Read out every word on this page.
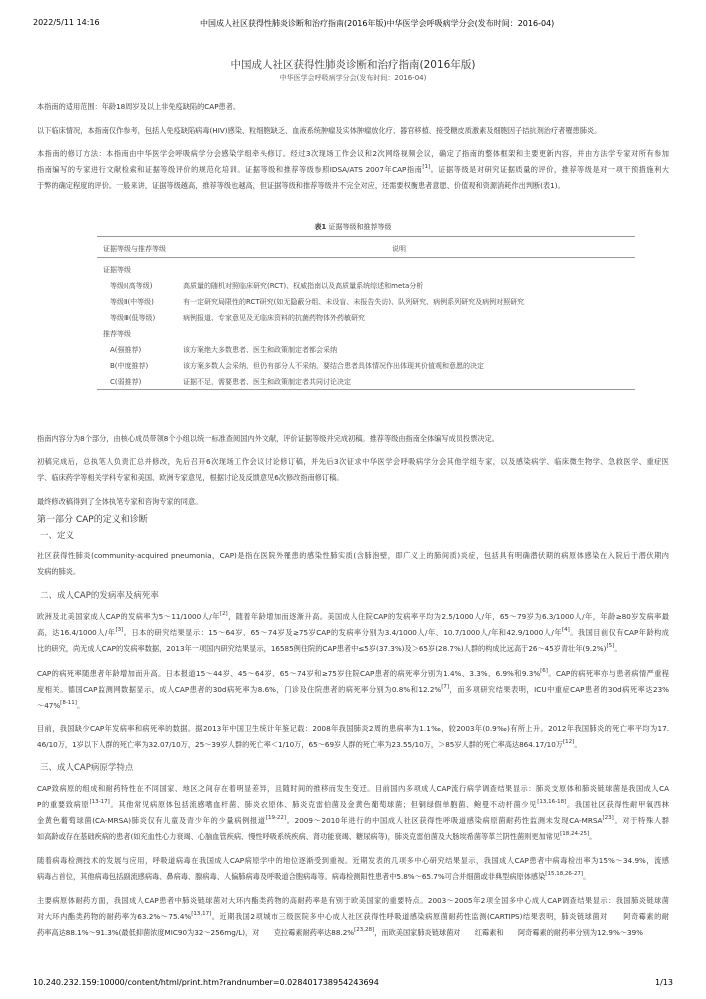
2022/5/11 14:16	中国成人社区获得性肺炎诊断和治疗指南(2016年版)中华医学会呼吸病学分会(发布时间：2016-04)
中国成人社区获得性肺炎诊断和治疗指南(2016年版)
中华医学会呼吸病学分会(发布时间：2016-04)
本指南的适用范围：年龄18周岁及以上非免疫缺陷的CAP患者。
以下临床情况，本指南仅作参考，包括人免疫缺陷病毒(HIV)感染、粒细胞缺乏、血液系统肿瘤及实体肿瘤放化疗、器官移植、接受糖皮质激素及细胞因子拮抗剂治疗者罹患肺炎。
本指南的修订方法：本指南由中华医学会呼吸病学分会感染学组牵头修订。经过3次现场工作会议和2次网络视频会议，确定了指南的整体框架和主要更新内容，并由方法学专家对所有参加
指南编写的专家进行文献检索和证据等级评价的规范化培训。证据等级和推荐等级参照IDSA/ATS 2007年CAP指南[1]。证据等级是对研究证据质量的评价，推荐等级是对一项干预措施利大
于弊的确定程度的评价。一般来讲，证据等级越高，推荐等级也越高，但证据等级和推荐等级并不完全对应，还需要权衡患者意愿、价值观和资源消耗作出判断(表1)。
指南内容分为8个部分，由核心成员带领8个小组以统一标准查阅国内外文献，评价证据等级并完成初稿。推荐等级由指南全体编写成员投票决定。
初稿完成后，总执笔人负责汇总并修改，先后召开6次现场工作会议讨论修订稿，并先后3次征求中华医学会呼吸病学分会其他学组专家，以及感染病学、临床微生物学、急救医学、重症医
学、临床药学等相关学科专家和美国、欧洲专家意见，根据讨论及反馈意见6次修改指南修订稿。
最终修改稿得到了全体执笔专家和咨询专家的同意。
第一部分 CAP的定义和诊断
一、定义
社区获得性肺炎(community-acquired pneumonia，CAP)是指在医院外罹患的感染性肺实质(含肺泡壁，即广义上的肺间质)炎症，包括具有明确潜伏期的病原体感染在入院后于潜伏期内
发病的肺炎。
二、成人CAP的发病率及病死率
欧洲及北美国家成人CAP的发病率为5～11/1000人/年[2]，随着年龄增加而逐渐升高。美国成人住院CAP的发病率平均为2.5/1000人/年，65～79岁为6.3/1000人/年，年龄≥80岁发病率最
高，达16.4/1000人/年[3]。日本的研究结果显示：15～64岁、65～74岁及≥75岁CAP的发病率分别为3.4/1000人/年、10.7/1000人/年和42.9/1000人/年[4]。我国目前仅有CAP年龄构成
比的研究，尚无成人CAP的发病率数据，2013年一项国内研究结果显示，16585例住院的CAP患者中≤5岁(37.3%)及＞65岁(28.7%)人群的构成比远高于26～45岁青壮年(9.2%)[5]。
CAP的病死率随患者年龄增加而升高。日本报道15～44岁、45～64岁、65～74岁和≥75岁住院CAP患者的病死率分别为1.4%、3.3%、6.9%和9.3%[6]。CAP的病死率亦与患者病情严重程
度相关。德国CAP监测网数据显示，成人CAP患者的30d病死率为8.6%，门诊及住院患者的病死率分别为0.8%和12.2%[7]，而多项研究结果表明，ICU中重症CAP患者的30d病死率达23%
～47%[8-11]。
目前，我国缺少CAP年发病率和病死率的数据。据2013年中国卫生统计年鉴记载：2008年我国肺炎2周的患病率为1.1‰，较2003年(0.9‰)有所上升。2012年我国肺炎的死亡率平均为17.
46/10万，1岁以下人群的死亡率为32.07/10万，25～39岁人群的死亡率＜1/10万，65～69岁人群的死亡率为23.55/10万，＞85岁人群的死亡率高达864.17/10万[12]。
三、成人CAP病原学特点
CAP致病原的组成和耐药特性在不同国家、地区之间存在着明显差异，且随时间的推移而发生变迁。目前国内多项成人CAP流行病学调查结果显示：肺炎支原体和肺炎链球菌是我国成人CA
P的重要致病原[13-17]。其他常见病原体包括流感嗜血杆菌、肺炎衣原体、肺炎克雷伯菌及金黄色葡萄球菌；但铜绿假单胞菌、鲍曼不动杆菌少见[13,16-18]。我国社区获得性耐甲氧西林
金黄色葡萄球菌(CA-MRSA)肺炎仅有儿童及青少年的少量病例报道[19-22]。2009～2010年进行的中国成人社区获得性呼吸道感染病原菌耐药性监测未发现CA-MRSA[23]。对于特殊人群
如高龄或存在基础疾病的患者(如充血性心力衰竭、心脑血管疾病、慢性呼吸系统疾病、肾功能衰竭、糖尿病等)，肺炎克雷伯菌及大肠埃希菌等革兰阴性菌则更加常见[18,24-25]。
随着病毒检测技术的发展与应用，呼吸道病毒在我国成人CAP病原学中的地位逐渐受到重视。近期发表的几项多中心研究结果显示，我国成人CAP患者中病毒检出率为15%～34.9%，流感
病毒占首位，其他病毒包括副流感病毒、鼻病毒、腺病毒、人偏肺病毒及呼吸道合胞病毒等。病毒检测阳性患者中5.8%～65.7%可合并细菌或非典型病原体感染[15,18,26-27]。
主要病原体耐药方面，我国成人CAP患者中肺炎链球菌对大环内酯类药物的高耐药率是有别于欧美国家的重要特点。2003～2005年2项全国多中心成人CAP调查结果显示：我国肺炎链球菌
对大环内酯类药物的耐药率为63.2%～75.4%[13,17]。近期我国2项城市三级医院多中心成人社区获得性呼吸道感染病原菌耐药性监测(CARTIPS)结果表明，肺炎链球菌对　　阿奇霉素的耐
药率高达88.1%～91.3%(最低抑菌浓度MIC90为32～256mg/L)，对　　克拉霉素耐药率达88.2%[23,28]，而欧美国家肺炎链球菌对　　红霉素和　　阿奇霉素的耐药率分别为12.9%～39%
表1 证据等级和推荐等级
证据等级与推荐等级	说明
证据等级
等级Ⅰ(高等级)	高质量的随机对照临床研究(RCT)、权威指南以及高质量系统综述和meta分析
等级Ⅱ(中等级)	有一定研究局限性的RCT研究(如无隐蔽分组、未设盲、未报告失访)、队列研究、病例系列研究及病例对照研究
等级Ⅲ(低等级)	病例报道、专家意见及无临床资料的抗菌药物体外药敏研究
推荐等级
A(强推荐)	该方案绝大多数患者、医生和政策制定者都会采纳
B(中度推荐)	该方案多数人会采纳，但仍有部分人不采纳，要结合患者具体情况作出体现其价值观和意愿的决定
C(弱推荐)	证据不足，需要患者、医生和政策制定者共同讨论决定
10.240.232.159:10000/content/html/print.htm?randnumber=0.028401738954243694	1/13
